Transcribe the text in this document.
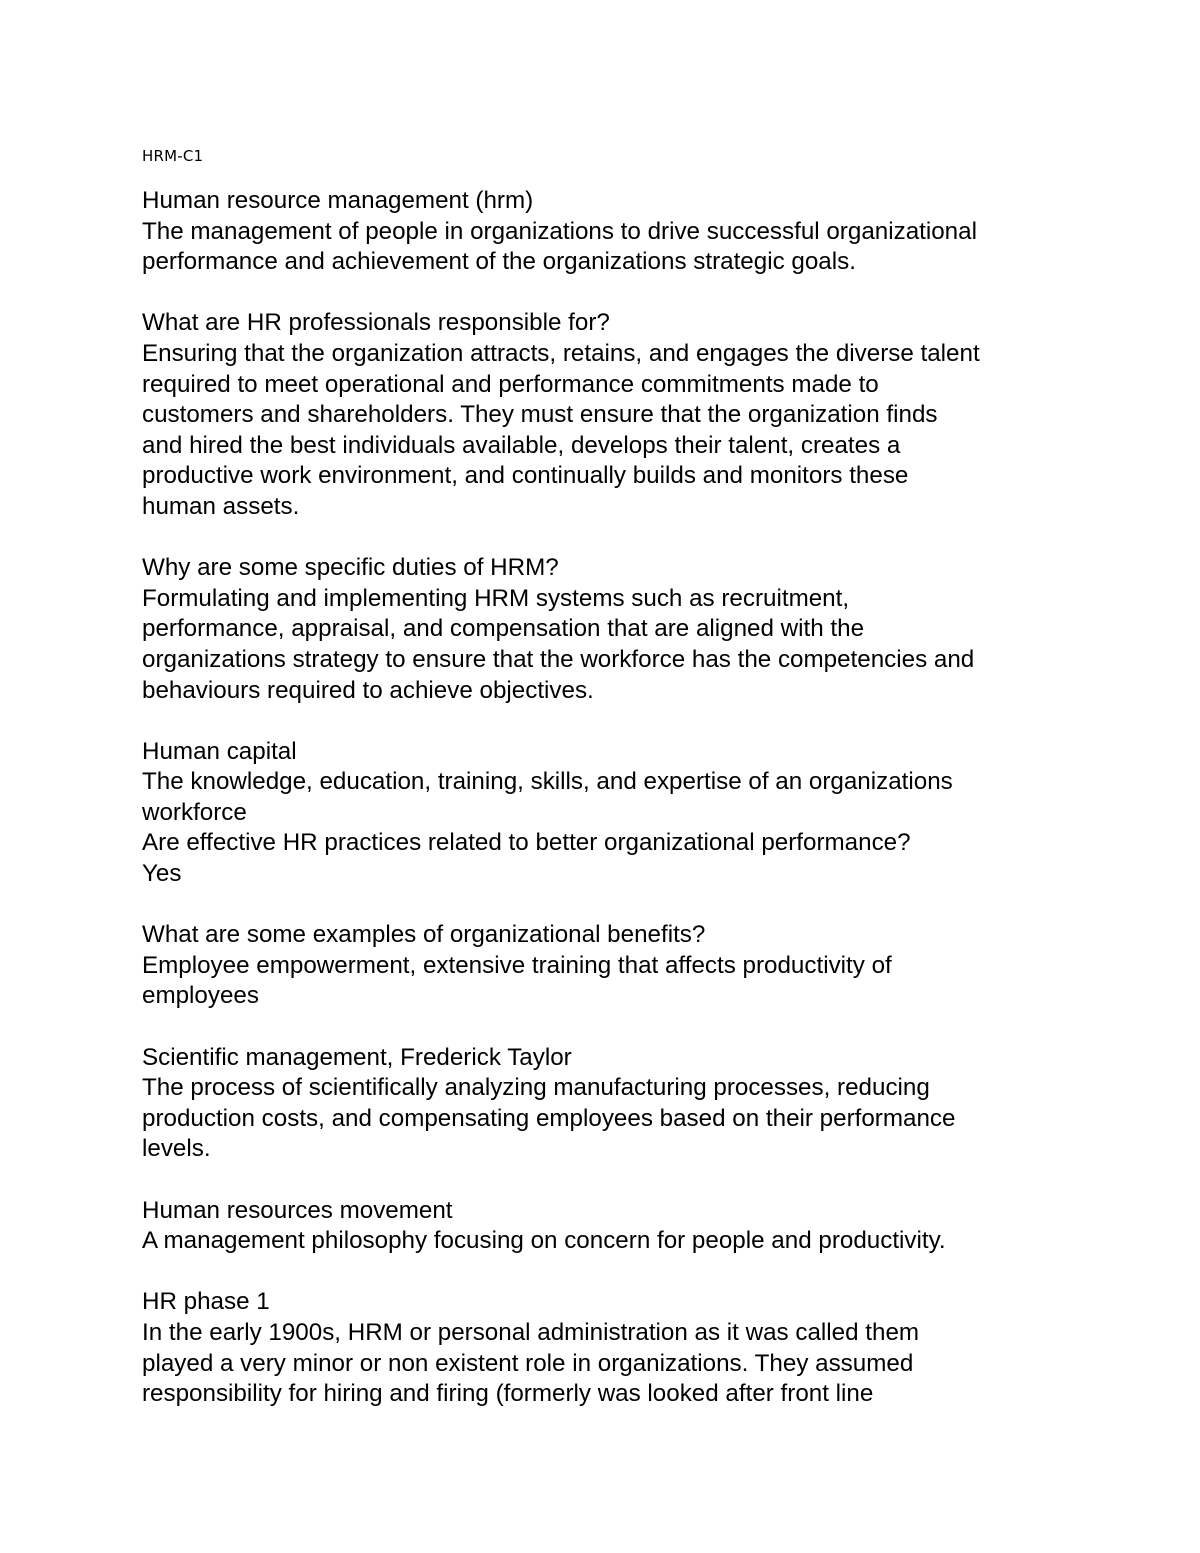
HRM-C1
Human resource management (hrm)
The management of people in organizations to drive successful organizational
performance and achievement of the organizations strategic goals.
What are HR professionals responsible for?
Ensuring that the organization attracts, retains, and engages the diverse talent
required to meet operational and performance commitments made to
customers and shareholders. They must ensure that the organization finds
and hired the best individuals available, develops their talent, creates a
productive work environment, and continually builds and monitors these
human assets.
Why are some specific duties of HRM?
Formulating and implementing HRM systems such as recruitment,
performance, appraisal, and compensation that are aligned with the
organizations strategy to ensure that the workforce has the competencies and
behaviours required to achieve objectives.
Human capital
The knowledge, education, training, skills, and expertise of an organizations
workforce
Are effective HR practices related to better organizational performance?
Yes
What are some examples of organizational benefits?
Employee empowerment, extensive training that affects productivity of
employees
Scientific management, Frederick Taylor
The process of scientifically analyzing manufacturing processes, reducing
production costs, and compensating employees based on their performance
levels.
Human resources movement
A management philosophy focusing on concern for people and productivity.
HR phase 1
In the early 1900s, HRM or personal administration as it was called them
played a very minor or non existent role in organizations. They assumed
responsibility for hiring and firing (formerly was looked after front line
